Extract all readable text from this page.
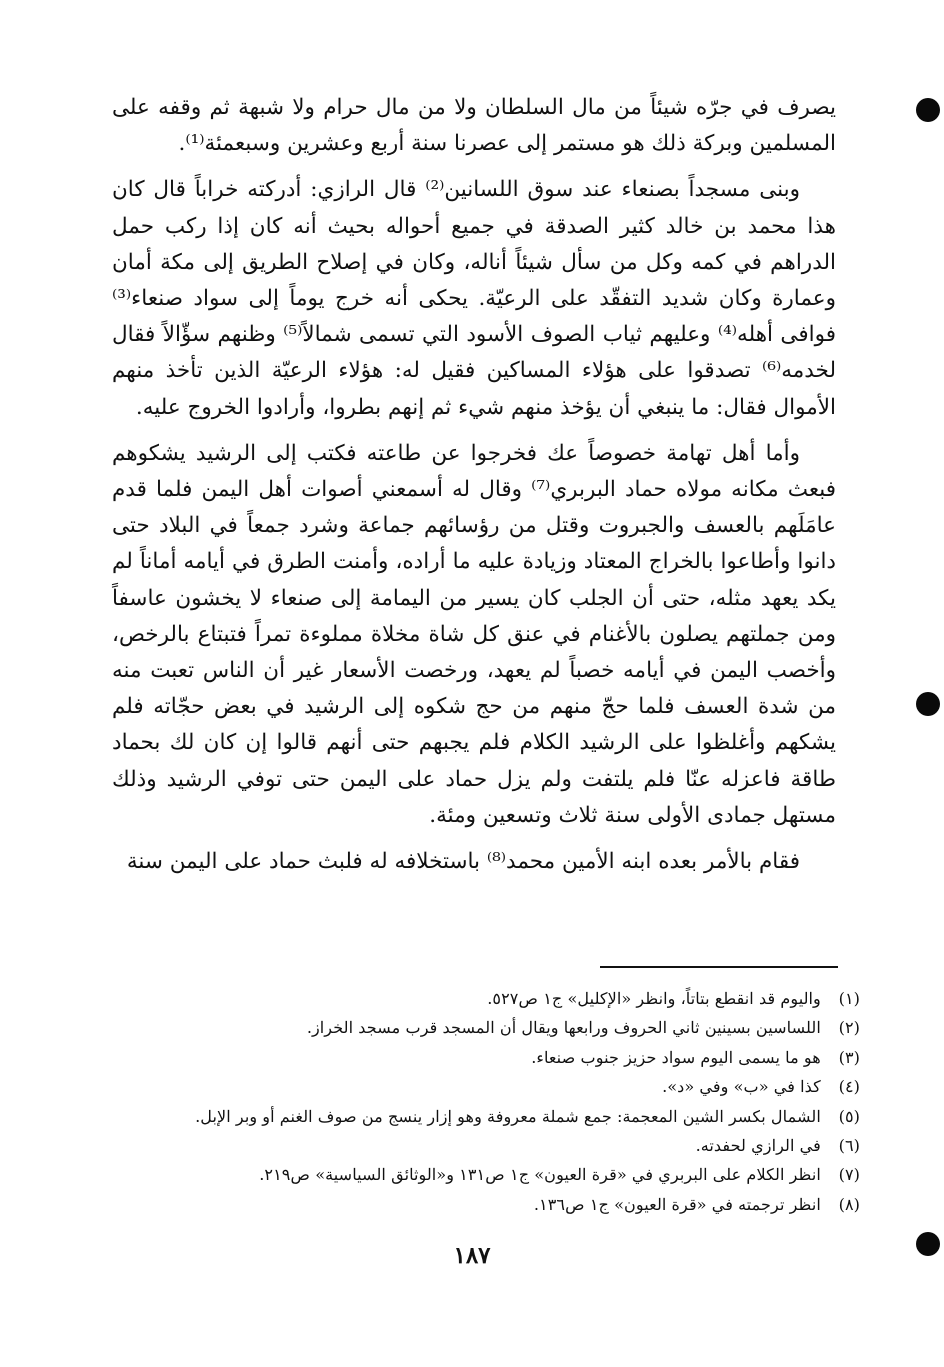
يصرف في جرّه شيئاً من مال السلطان ولا من مال حرام ولا شبهة ثم وقفه على المسلمين وبركة ذلك هو مستمر إلى عصرنا سنة أربع وعشرين وسبعمئة⁽¹⁾.

وبنى مسجداً بصنعاء عند سوق اللسانين⁽²⁾ قال الرازي: أدركته خراباً قال كان هذا محمد بن خالد كثير الصدقة في جميع أحواله بحيث أنه كان إذا ركب حمل الدراهم في كمه وكل من سأل شيئاً أناله، وكان في إصلاح الطريق إلى مكة أمان وعمارة وكان شديد التفقّد على الرعيّة. يحكى أنه خرج يوماً إلى سواد صنعاء⁽³⁾ فوافى أهله⁽⁴⁾ وعليهم ثياب الصوف الأسود التي تسمى شمالاً⁽⁵⁾ وظنهم سؤّالاً فقال لخدمه⁽⁶⁾ تصدقوا على هؤلاء المساكين فقيل له: هؤلاء الرعيّة الذين تأخذ منهم الأموال فقال: ما ينبغي أن يؤخذ منهم شيء ثم إنهم بطروا، وأرادوا الخروج عليه.

وأما أهل تهامة خصوصاً عك فخرجوا عن طاعته فكتب إلى الرشيد يشكوهم فبعث مكانه مولاه حماد البربري⁽⁷⁾ وقال له أسمعني أصوات أهل اليمن فلما قدم عامَلَهم بالعسف والجبروت وقتل من رؤسائهم جماعة وشرد جمعاً في البلاد حتى دانوا وأطاعوا بالخراج المعتاد وزيادة عليه ما أراده، وأمنت الطرق في أيامه أماناً لم يكد يعهد مثله، حتى أن الجلب كان يسير من اليمامة إلى صنعاء لا يخشون عاسفاً ومن جملتهم يصلون بالأغنام في عنق كل شاة مخلاة مملوءة تمراً فتبتاع بالرخص، وأخصب اليمن في أيامه خصباً لم يعهد، ورخصت الأسعار غير أن الناس تعبت منه من شدة العسف فلما حجّ منهم من حج شكوه إلى الرشيد في بعض حجّاته فلم يشكهم وأغلظوا على الرشيد الكلام فلم يجبهم حتى أنهم قالوا إن كان لك بحماد طاقة فاعزله عنّا فلم يلتفت ولم يزل حماد على اليمن حتى توفي الرشيد وذلك مستهل جمادى الأولى سنة ثلاث وتسعين ومئة.

فقام بالأمر بعده ابنه الأمين محمد⁽⁸⁾ باستخلافه له فلبث حماد على اليمن سنة

(١) واليوم قد انقطع بتاتاً، وانظر «الإكليل» ج١ ص٥٢٧.
(٢) اللساسين بسينين ثاني الحروف ورابعها ويقال أن المسجد قرب مسجد الخراز.
(٣) هو ما يسمى اليوم سواد حزيز جنوب صنعاء.
(٤) كذا في «ب» وفي «د».
(٥) الشمال بكسر الشين المعجمة: جمع شملة معروفة وهو إزار ينسج من صوف الغنم أو وبر الإبل.
(٦) في الرازي لحفدته.
(٧) انظر الكلام على البربري في «قرة العيون» ج١ ص١٣١ و«الوثائق السياسية» ص٢١٩.
(٨) انظر ترجمته في «قرة العيون» ج١ ص١٣٦.
١٨٧
